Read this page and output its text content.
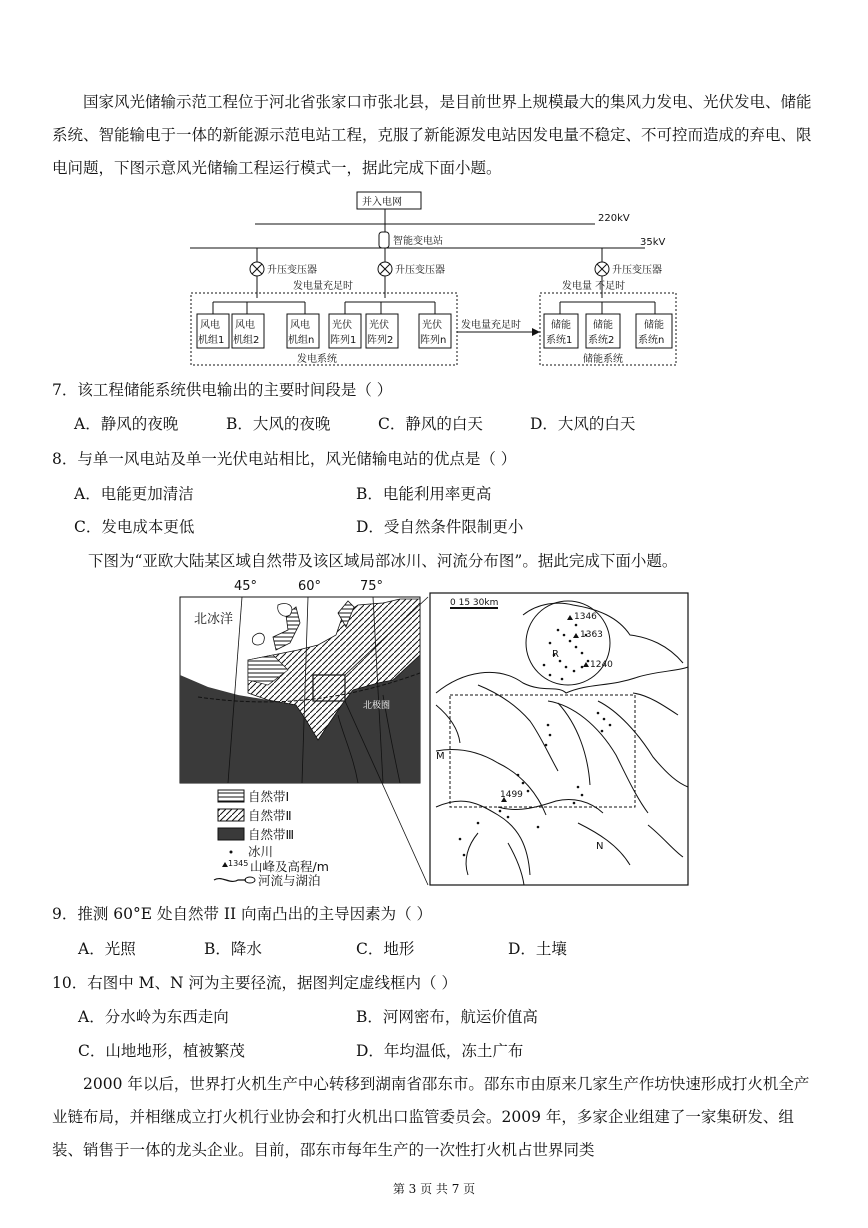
国家风光储输示范工程位于河北省张家口市张北县，是目前世界上规模最大的集风力发电、光伏发电、储能系统、智能输电于一体的新能源示范电站工程，克服了新能源发电站因发电量不稳定、不可控而造成的弃电、限电问题，下图示意风光储输工程运行模式一，据此完成下面小题。

并入电网
220kV
智能变电站	35kV
升压变压器	升压变压器	升压变压器
发电量充足时	发电量 不足时
发电量充足时
风电
机组1
风电
机组2
风电
机组n
光伏
阵列1
光伏
阵列2
光伏
阵列n
发电系统
储能
系统1
储能
系统2
储能
系统n
储能系统
7．该工程储能系统供电输出的主要时间段是（ ）
A．静风的夜晚	B．大风的夜晚	C．静风的白天	D．大风的白天
8．与单一风电站及单一光伏电站相比，风光储输电站的优点是（ ）
A．电能更加清洁	B．电能利用率更高
C．发电成本更低	D．受自然条件限制更小
下图为“亚欧大陆某区域自然带及该区域局部冰川、河流分布图”。据此完成下面小题。
45°	60°	75°
北冰洋
北极圈
0 15 30km
1346
1363
1240
1499
R
M
N
自然带Ⅰ
自然带Ⅱ
自然带Ⅲ
冰川
1345 山峰及高程/m
河流与湖泊
9．推测 60°E 处自然带 II 向南凸出的主导因素为（ ）
A．光照	B．降水	C．地形	D．土壤
10．右图中 M、N 河为主要径流，据图判定虚线框内（ ）
A．分水岭为东西走向	B．河网密布，航运价值高
C．山地地形，植被繁茂	D．年均温低，冻土广布

2000 年以后，世界打火机生产中心转移到湖南省邵东市。邵东市由原来几家生产作坊快速形成打火机全产业链布局，并相继成立打火机行业协会和打火机出口监管委员会。2009 年，多家企业组建了一家集研发、组装、销售于一体的龙头企业。目前，邵东市每年生产的一次性打火机占世界同类

第 3 页 共 7 页
